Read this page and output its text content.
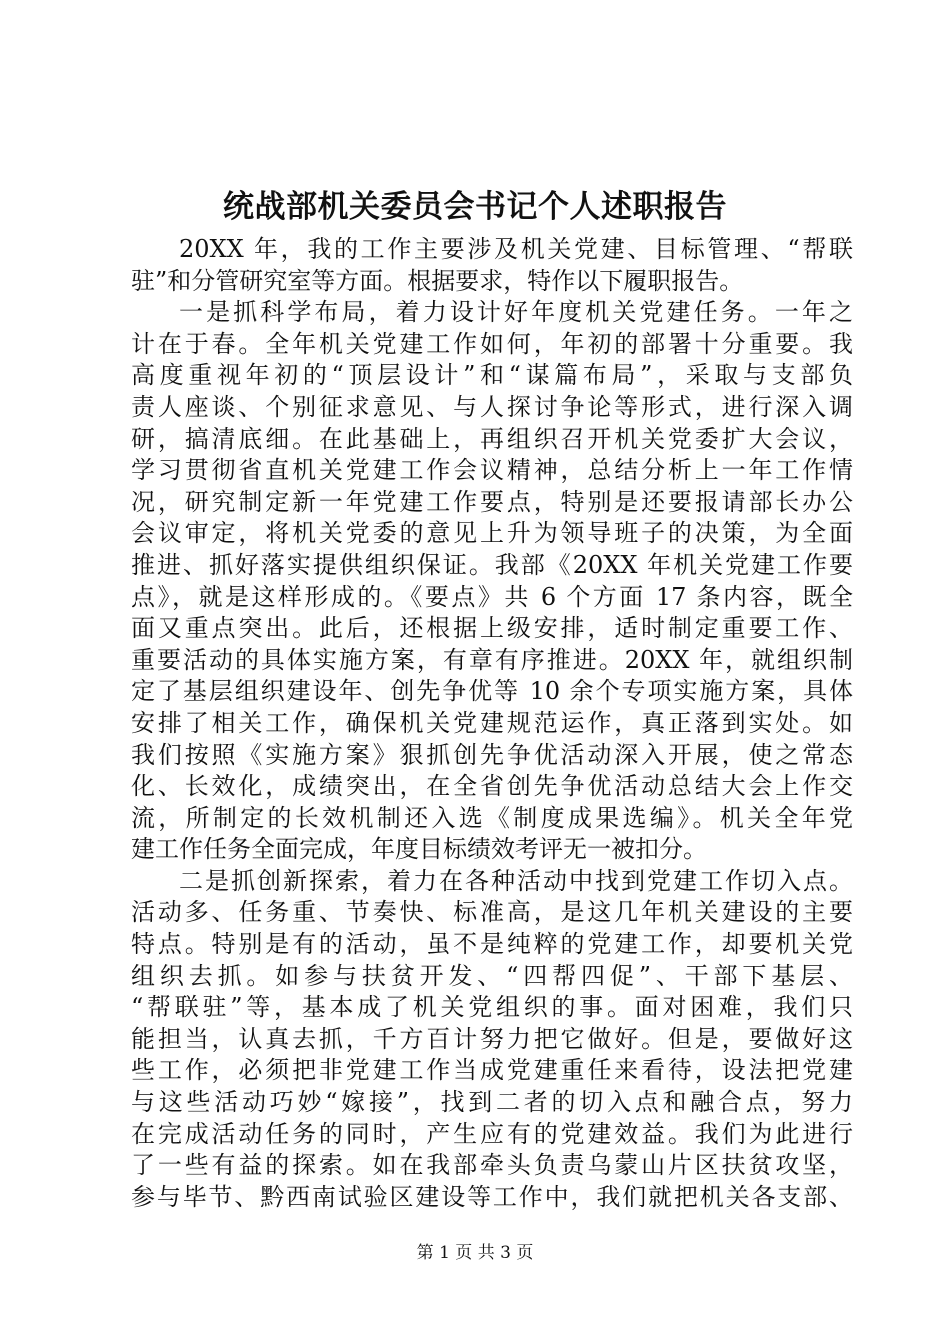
统战部机关委员会书记个人述职报告
20XX 年，我的工作主要涉及机关党建、目标管理、“帮联
驻”和分管研究室等方面。根据要求，特作以下履职报告。
一是抓科学布局，着力设计好年度机关党建任务。一年之
计在于春。全年机关党建工作如何，年初的部署十分重要。我
高度重视年初的“顶层设计”和“谋篇布局”，采取与支部负
责人座谈、个别征求意见、与人探讨争论等形式，进行深入调
研，搞清底细。在此基础上，再组织召开机关党委扩大会议，
学习贯彻省直机关党建工作会议精神，总结分析上一年工作情
况，研究制定新一年党建工作要点，特别是还要报请部长办公
会议审定，将机关党委的意见上升为领导班子的决策，为全面
推进、抓好落实提供组织保证。我部《20XX 年机关党建工作要
点》，就是这样形成的。《要点》共 6 个方面 17 条内容，既全
面又重点突出。此后，还根据上级安排，适时制定重要工作、
重要活动的具体实施方案，有章有序推进。20XX 年，就组织制
定了基层组织建设年、创先争优等 10 余个专项实施方案，具体
安排了相关工作，确保机关党建规范运作，真正落到实处。如
我们按照《实施方案》狠抓创先争优活动深入开展，使之常态
化、长效化，成绩突出，在全省创先争优活动总结大会上作交
流，所制定的长效机制还入选《制度成果选编》。机关全年党
建工作任务全面完成，年度目标绩效考评无一被扣分。
二是抓创新探索，着力在各种活动中找到党建工作切入点。
活动多、任务重、节奏快、标准高，是这几年机关建设的主要
特点。特别是有的活动，虽不是纯粹的党建工作，却要机关党
组织去抓。如参与扶贫开发、“四帮四促”、干部下基层、
“帮联驻”等，基本成了机关党组织的事。面对困难，我们只
能担当，认真去抓，千方百计努力把它做好。但是，要做好这
些工作，必须把非党建工作当成党建重任来看待，设法把党建
与这些活动巧妙“嫁接”，找到二者的切入点和融合点，努力
在完成活动任务的同时，产生应有的党建效益。我们为此进行
了一些有益的探索。如在我部牵头负责乌蒙山片区扶贫攻坚，
参与毕节、黔西南试验区建设等工作中，我们就把机关各支部、
第 1 页 共 3 页
